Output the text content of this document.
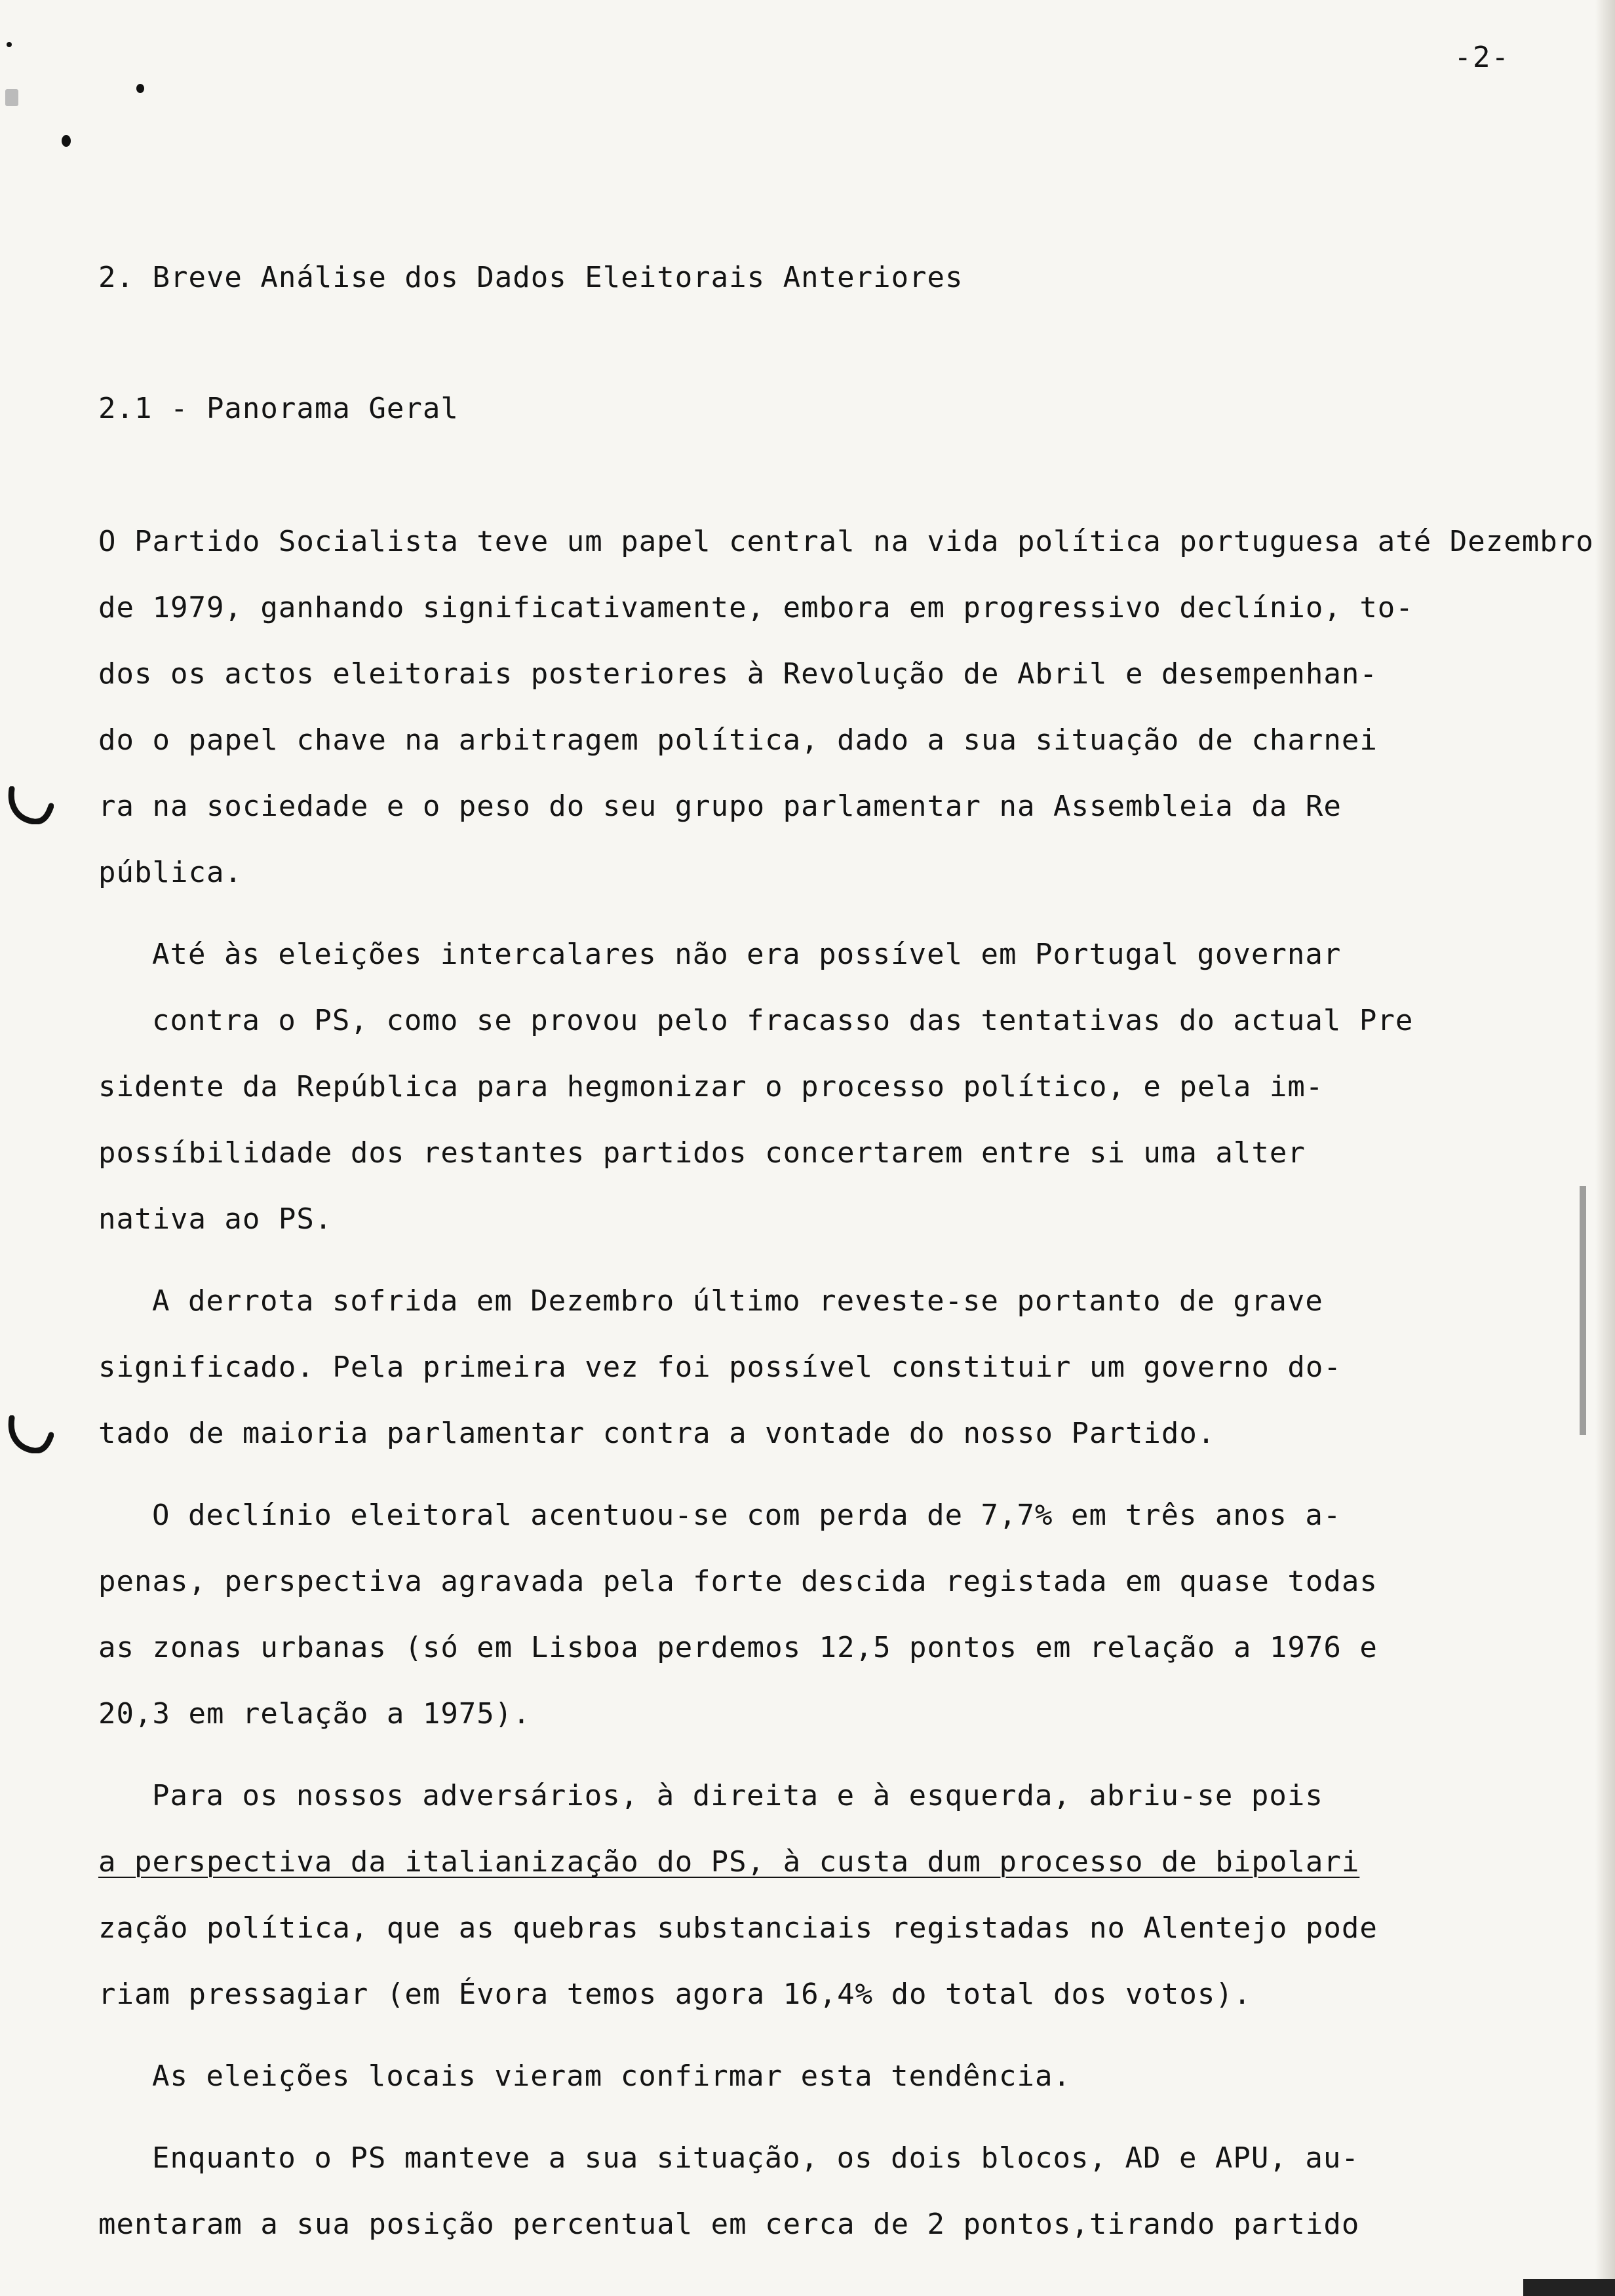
-2-
2. Breve Análise dos Dados Eleitorais Anteriores
2.1 - Panorama Geral

O Partido Socialista teve um papel central na vida política portuguesa até Dezembro
de 1979, ganhando significativamente, embora em progressivo declínio, to-
dos os actos eleitorais posteriores à Revolução de Abril e desempenhan-
do o papel chave na arbitragem política, dado a sua situação de charnei
ra na sociedade e o peso do seu grupo parlamentar na Assembleia da Re
pública.

Até às eleições intercalares não era possível em Portugal governar
contra o PS, como se provou pelo fracasso das tentativas do actual Pre
sidente da República para hegmonizar o processo político, e pela im-
possíbilidade dos restantes partidos concertarem entre si uma alter
nativa ao PS.

A derrota sofrida em Dezembro último reveste-se portanto de grave
significado. Pela primeira vez foi possível constituir um governo do-
tado de maioria parlamentar contra a vontade do nosso Partido.

O declínio eleitoral acentuou-se com perda de 7,7% em três anos a-
penas, perspectiva agravada pela forte descida registada em quase todas
as zonas urbanas (só em Lisboa perdemos 12,5 pontos em relação a 1976 e
20,3 em relação a 1975).

Para os nossos adversários, à direita e à esquerda, abriu-se pois
a perspectiva da italianização do PS, à custa dum processo de bipolari
zação política, que as quebras substanciais registadas no Alentejo pode
riam pressagiar (em Évora temos agora 16,4% do total dos votos).

As eleições locais vieram confirmar esta tendência.

Enquanto o PS manteve a sua situação, os dois blocos, AD e APU, au-
mentaram a sua posição percentual em cerca de 2 pontos,tirando partido
